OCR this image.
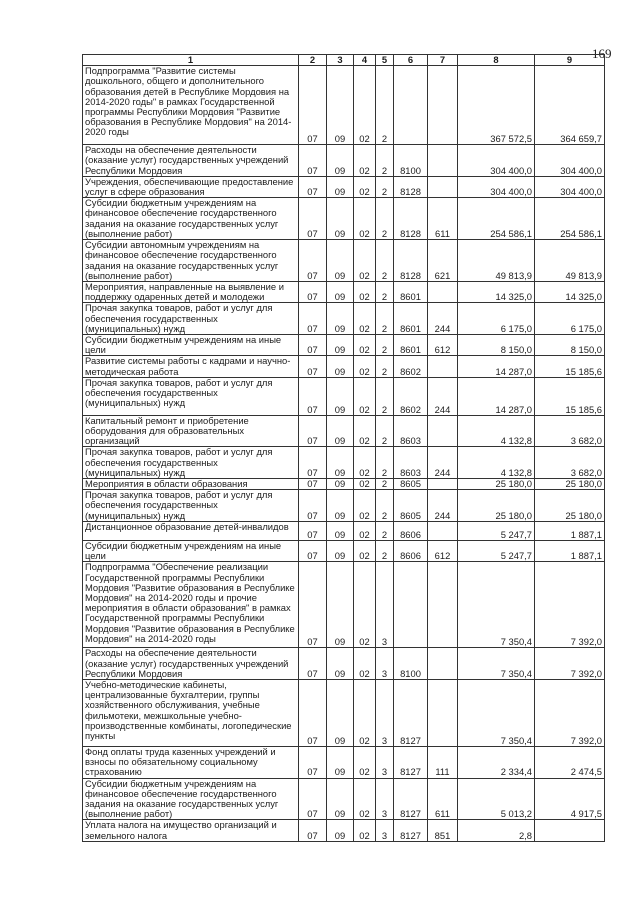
169
1	2	3	4	5	6	7	8	9
Подпрограмма "Развитие системы дошкольного, общего и дополнительного образования детей в Республике Мордовия на 2014-2020 годы" в рамках Государственной программы Республики Мордовия "Развитие образования в Республике Мордовия" на 2014-2020 годы	07	09	02	2			367 572,5	364 659,7
Расходы на обеспечение деятельности (оказание услуг) государственных учреждений Республики Мордовия	07	09	02	2	8100		304 400,0	304 400,0
Учреждения, обеспечивающие предоставление услуг в сфере образования	07	09	02	2	8128		304 400,0	304 400,0
Субсидии бюджетным учреждениям на финансовое обеспечение государственного задания на оказание государственных услуг (выполнение работ)	07	09	02	2	8128	611	254 586,1	254 586,1
Субсидии автономным учреждениям на финансовое обеспечение государственного задания на оказание государственных услуг (выполнение работ)	07	09	02	2	8128	621	49 813,9	49 813,9
Мероприятия, направленные на выявление и поддержку одаренных детей и молодежи	07	09	02	2	8601		14 325,0	14 325,0
Прочая закупка товаров, работ и услуг для обеспечения государственных (муниципальных) нужд	07	09	02	2	8601	244	6 175,0	6 175,0
Субсидии бюджетным учреждениям на иные цели	07	09	02	2	8601	612	8 150,0	8 150,0
Развитие системы работы с кадрами и научно-методическая работа	07	09	02	2	8602		14 287,0	15 185,6
Прочая закупка товаров, работ и услуг для обеспечения государственных (муниципальных) нужд	07	09	02	2	8602	244	14 287,0	15 185,6
Капитальный ремонт и приобретение оборудования для образовательных организаций	07	09	02	2	8603		4 132,8	3 682,0
Прочая закупка товаров, работ и услуг для обеспечения государственных (муниципальных) нужд	07	09	02	2	8603	244	4 132,8	3 682,0
Мероприятия в области образования	07	09	02	2	8605		25 180,0	25 180,0
Прочая закупка товаров, работ и услуг для обеспечения государственных (муниципальных) нужд	07	09	02	2	8605	244	25 180,0	25 180,0
Дистанционное образование детей-инвалидов	07	09	02	2	8606		5 247,7	1 887,1
Субсидии бюджетным учреждениям на иные цели	07	09	02	2	8606	612	5 247,7	1 887,1
Подпрограмма "Обеспечение реализации Государственной программы Республики Мордовия "Развитие образования в Республике Мордовия" на 2014-2020 годы и прочие мероприятия в области образования" в рамках Государственной программы Республики Мордовия "Развитие образования в Республике Мордовия" на 2014-2020 годы	07	09	02	3			7 350,4	7 392,0
Расходы на обеспечение деятельности (оказание услуг) государственных учреждений Республики Мордовия	07	09	02	3	8100		7 350,4	7 392,0
Учебно-методические кабинеты, централизованные бухгалтерии, группы хозяйственного обслуживания, учебные фильмотеки, межшкольные учебно-производственные комбинаты, логопедические пункты	07	09	02	3	8127		7 350,4	7 392,0
Фонд оплаты труда казенных учреждений и взносы по обязательному социальному страхованию	07	09	02	3	8127	111	2 334,4	2 474,5
Субсидии бюджетным учреждениям на финансовое обеспечение государственного задания на оказание государственных услуг (выполнение работ)	07	09	02	3	8127	611	5 013,2	4 917,5
Уплата налога на имущество организаций и земельного налога	07	09	02	3	8127	851	2,8	
